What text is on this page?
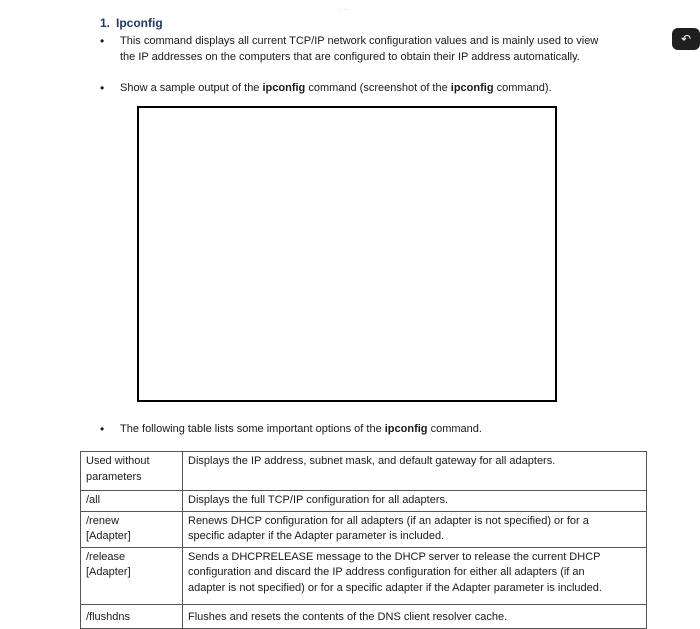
···
1. Ipconfig
• This command displays all current TCP/IP network configuration values and is mainly used to view
the IP addresses on the computers that are configured to obtain their IP address automatically.
• Show a sample output of the ipconfig command (screenshot of the ipconfig command).
↶
• The following table lists some important options of the ipconfig command.
Used without
parameters	Displays the IP address, subnet mask, and default gateway for all adapters.
/all	Displays the full TCP/IP configuration for all adapters.
/renew
[Adapter]	Renews DHCP configuration for all adapters (if an adapter is not specified) or for a
specific adapter if the Adapter parameter is included.
/release
[Adapter]	Sends a DHCPRELEASE message to the DHCP server to release the current DHCP
configuration and discard the IP address configuration for either all adapters (if an
adapter is not specified) or for a specific adapter if the Adapter parameter is included.
/flushdns	Flushes and resets the contents of the DNS client resolver cache.
